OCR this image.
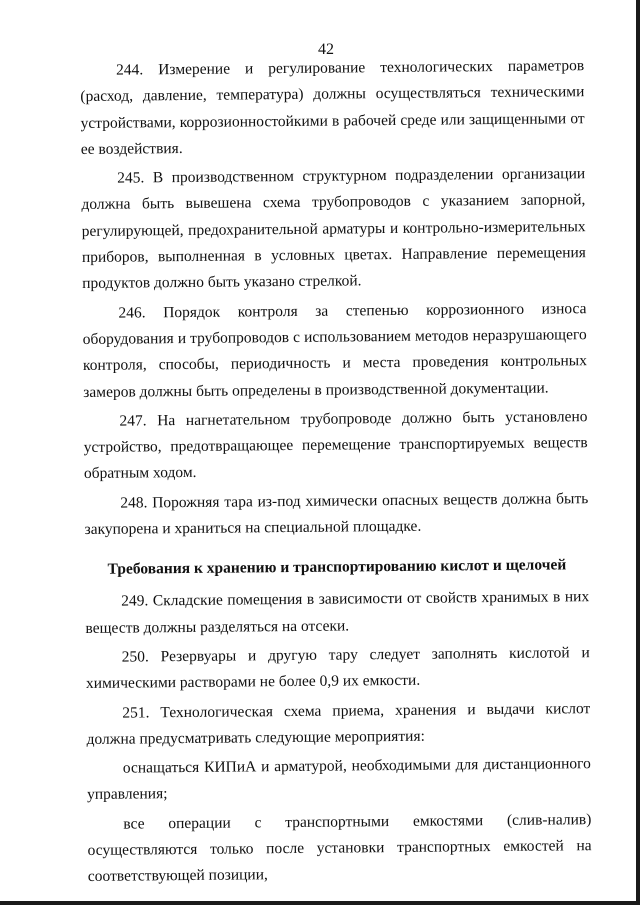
42

244. Измерение и регулирование технологических параметров (расход, давление, температура) должны осуществляться техническими устройствами, коррозионностойкими в рабочей среде или защищенными от ее воздействия.

245. В производственном структурном подразделении организации должна быть вывешена схема трубопроводов с указанием запорной, регулирующей, предохранительной арматуры и контрольно-измерительных приборов, выполненная в условных цветах. Направление перемещения продуктов должно быть указано стрелкой.

246. Порядок контроля за степенью коррозионного износа оборудования и трубопроводов с использованием методов неразрушающего контроля, способы, периодичность и места проведения контрольных замеров должны быть определены в производственной документации.

247. На нагнетательном трубопроводе должно быть установлено устройство, предотвращающее перемещение транспортируемых веществ обратным ходом.

248. Порожняя тара из-под химически опасных веществ должна быть закупорена и храниться на специальной площадке.

Требования к хранению и транспортированию кислот и щелочей

249. Складские помещения в зависимости от свойств хранимых в них веществ должны разделяться на отсеки.

250. Резервуары и другую тару следует заполнять кислотой и химическими растворами не более 0,9 их емкости.

251. Технологическая схема приема, хранения и выдачи кислот должна предусматривать следующие мероприятия:

оснащаться КИПиА и арматурой, необходимыми для дистанционного управления;

все операции с транспортными емкостями (слив-налив) осуществляются только после установки транспортных емкостей на соответствующей позиции,
